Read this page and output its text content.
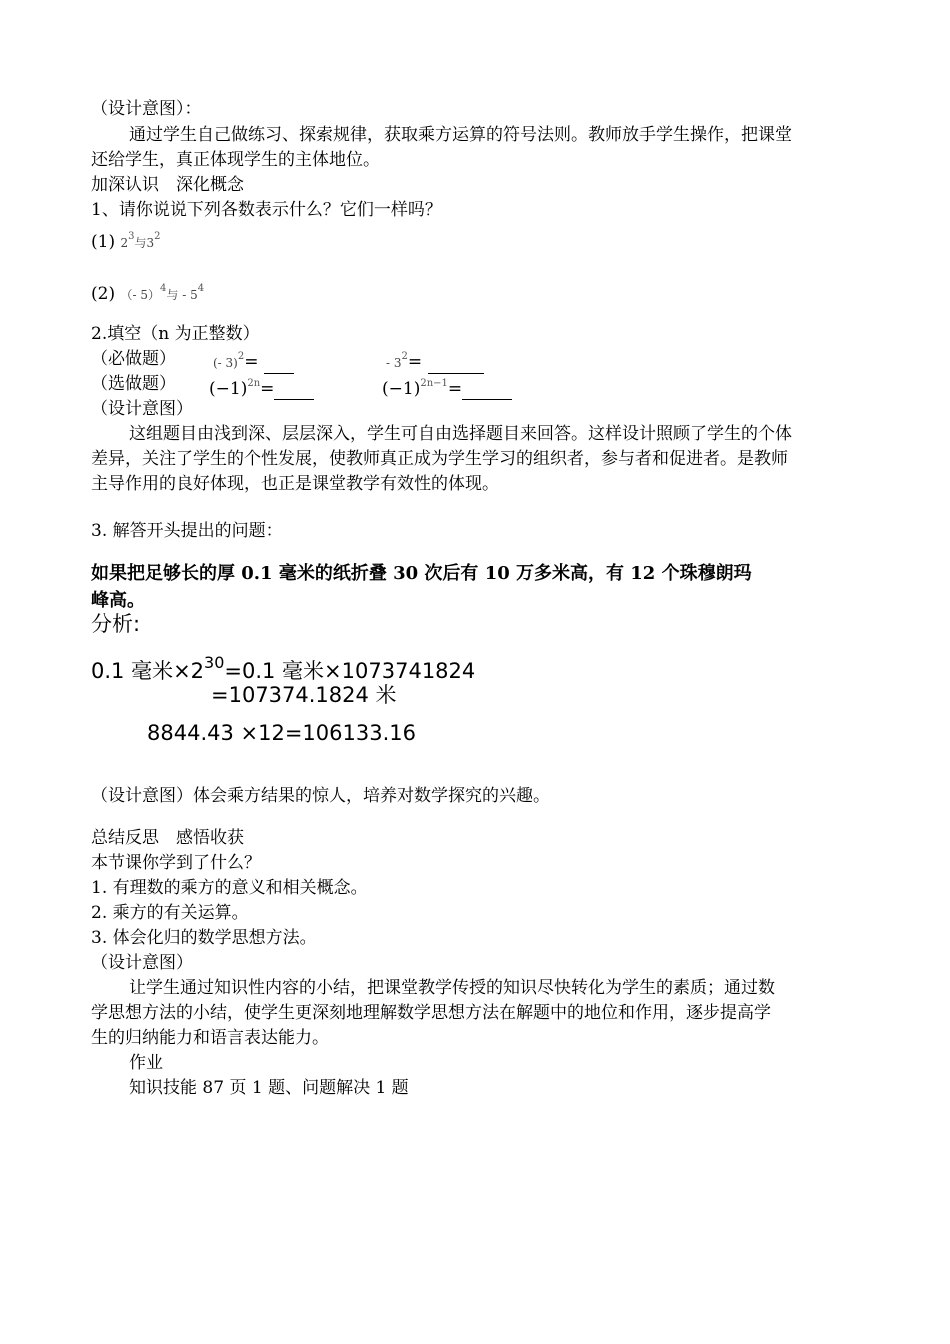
（设计意图）：
通过学生自己做练习、探索规律，获取乘方运算的符号法则。教师放手学生操作，把课堂
还给学生，真正体现学生的主体地位。
加深认识　深化概念
1、请你说说下列各数表示什么？它们一样吗？
(1) $2^3$与$3^2$
(2) （- 5）$^4$与 - $5^4$
2.填空（n 为正整数）
（必做题）	(- 3)$^2$=	- $3^2=$
（选做题） $(-1)^{2n}=$	$(-1)^{2n-1}=$
（设计意图）
这组题目由浅到深、层层深入，学生可自由选择题目来回答。这样设计照顾了学生的个体
差异，关注了学生的个性发展，使教师真正成为学生学习的组织者，参与者和促进者。是教师
主导作用的良好体现，也正是课堂教学有效性的体现。
3. 解答开头提出的问题：
如果把足够长的厚 0.1 毫米的纸折叠 30 次后有 10 万多米高，有 12 个珠穆朗玛
峰高。
分析:
0.1 毫米$\times 2^{30}=0.1$ 毫米×1073741824
=107374.1824 米
8844.43 ×12=106133.16
（设计意图）体会乘方结果的惊人，培养对数学探究的兴趣。
总结反思　感悟收获
本节课你学到了什么？
1. 有理数的乘方的意义和相关概念。
2. 乘方的有关运算。
3. 体会化归的数学思想方法。
（设计意图）
让学生通过知识性内容的小结，把课堂教学传授的知识尽快转化为学生的素质；通过数
学思想方法的小结，使学生更深刻地理解数学思想方法在解题中的地位和作用，逐步提高学
生的归纳能力和语言表达能力。
作业
知识技能 87 页 1 题、问题解决 1 题
